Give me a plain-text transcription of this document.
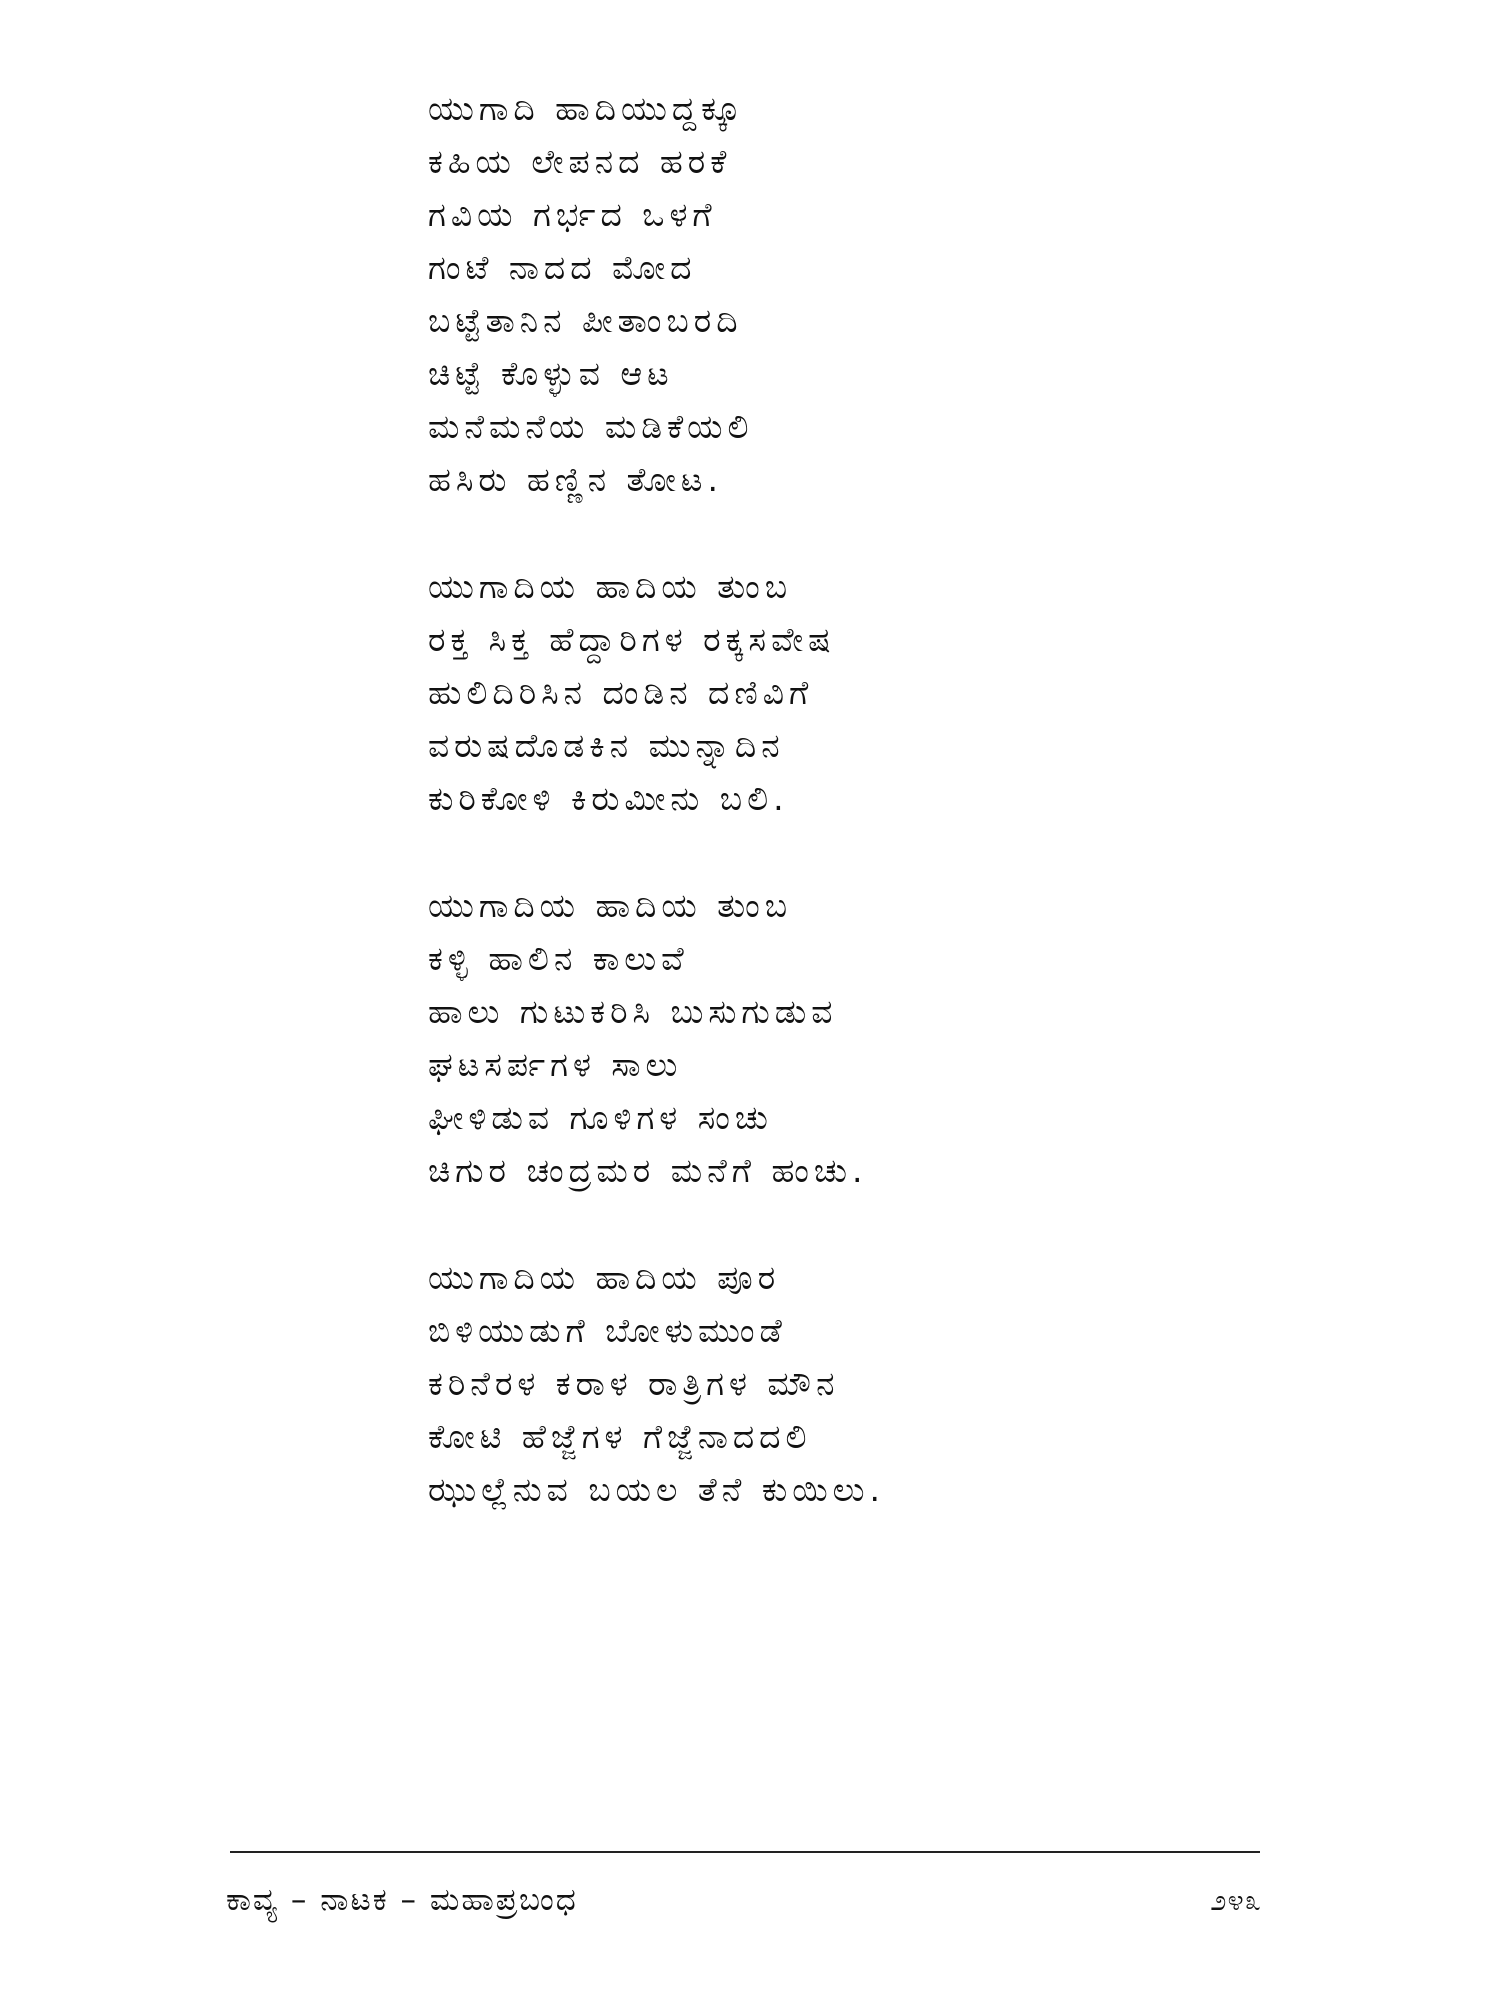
ಯುಗಾದಿ ಹಾದಿಯುದ್ದಕ್ಕೂ
ಕಹಿಯ ಲೇಪನದ ಹರಕೆ
ಗವಿಯ ಗರ್ಭದ ಒಳಗೆ
ಗಂಟೆ ನಾದದ ಮೋದ
ಬಟ್ಟೆತಾನಿನ ಪೀತಾಂಬರದಿ
ಚಿಟ್ಟೆ ಕೊಳ್ಳುವ ಆಟ
ಮನೆಮನೆಯ ಮಡಿಕೆಯಲಿ
ಹಸಿರು ಹಣ್ಣಿನ ತೋಟ.
ಯುಗಾದಿಯ ಹಾದಿಯ ತುಂಬ
ರಕ್ತ ಸಿಕ್ತ ಹೆದ್ದಾರಿಗಳ ರಕ್ಕಸವೇಷ
ಹುಲಿದಿರಿಸಿನ ದಂಡಿನ ದಣಿವಿಗೆ
ವರುಷದೊಡಕಿನ ಮುನ್ನಾದಿನ
ಕುರಿಕೋಳಿ ಕಿರುಮೀನು ಬಲಿ.
ಯುಗಾದಿಯ ಹಾದಿಯ ತುಂಬ
ಕಳ್ಳಿ ಹಾಲಿನ ಕಾಲುವೆ
ಹಾಲು ಗುಟುಕರಿಸಿ ಬುಸುಗುಡುವ
ಘಟಸರ್ಪಗಳ ಸಾಲು
ಘೀಳಿಡುವ ಗೂಳಿಗಳ ಸಂಚು
ಚಿಗುರ ಚಂದ್ರಮರ ಮನೆಗೆ ಹಂಚು.
ಯುಗಾದಿಯ ಹಾದಿಯ ಪೂರ
ಬಿಳಿಯುಡುಗೆ ಬೋಳುಮುಂಡೆ
ಕರಿನೆರಳ ಕರಾಳ ರಾತ್ರಿಗಳ ಮೌನ
ಕೋಟಿ ಹೆಜ್ಜೆಗಳ ಗೆಜ್ಜೆನಾದದಲಿ
ಝುಲ್ಲೆನುವ ಬಯಲ ತೆನೆ ಕುಯಿಲು.
ಕಾವ್ಯ – ನಾಟಕ – ಮಹಾಪ್ರಬಂಧ	೨೪೩
